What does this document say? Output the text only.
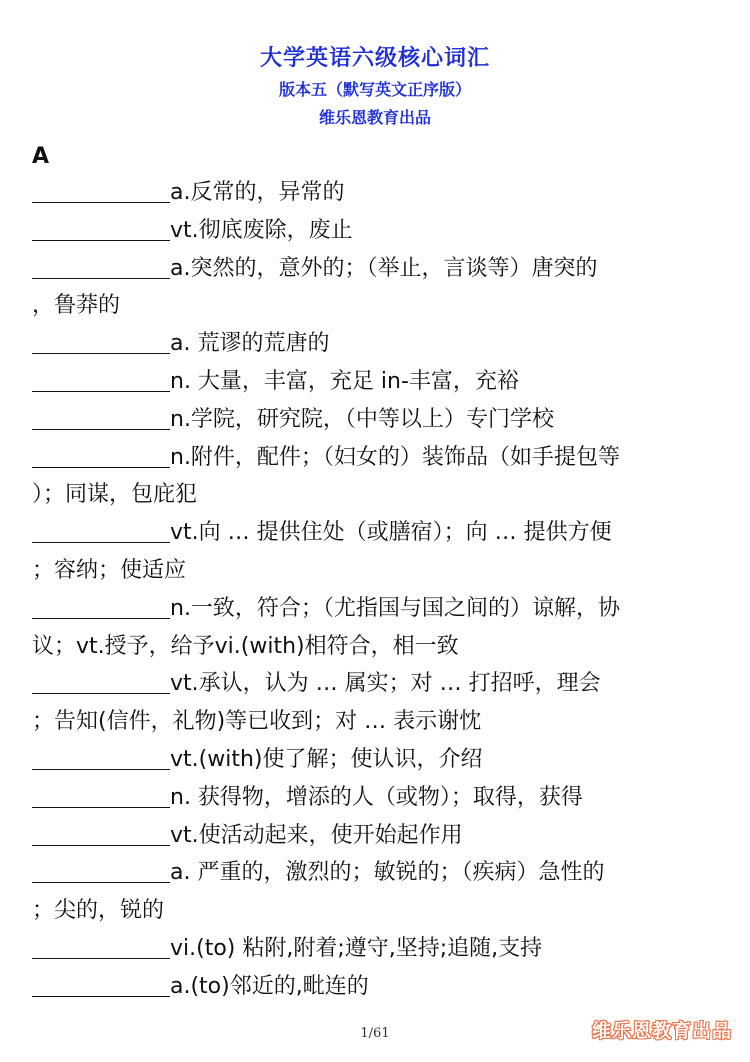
大学英语六级核心词汇
版本五（默写英文正序版）
维乐恩教育出品
A
a.反常的，异常的
vt.彻底废除，废止
a.突然的，意外的；（举止，言谈等）唐突的
，鲁莽的
a. 荒谬的荒唐的
n. 大量，丰富，充足 in-丰富，充裕
n.学院，研究院，（中等以上）专门学校
n.附件，配件；（妇女的）装饰品（如手提包等
）；同谋，包庇犯
vt.向 … 提供住处（或膳宿）；向 … 提供方便
；容纳；使适应
n.一致，符合；（尤指国与国之间的）谅解，协
议；vt.授予，给予vi.(with)相符合，相一致
vt.承认，认为 … 属实；对 … 打招呼，理会
；告知(信件，礼物)等已收到；对 … 表示谢忱
vt.(with)使了解；使认识，介绍
n. 获得物，增添的人（或物）；取得，获得
vt.使活动起来，使开始起作用
a. 严重的，激烈的；敏锐的；（疾病）急性的
；尖的，锐的
vi.(to) 粘附,附着;遵守,坚持;追随,支持
a.(to)邻近的,毗连的
1/61	维乐恩教育出品
